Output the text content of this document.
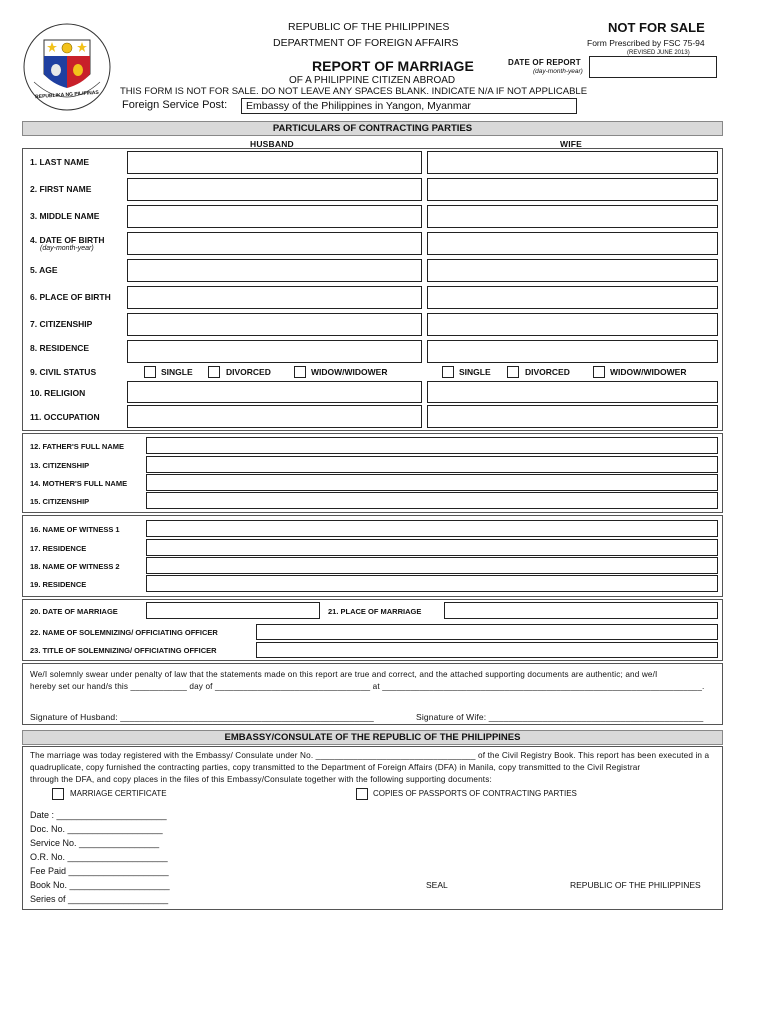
REPUBLIKA NG PILIPINAS
REPUBLIC OF THE PHILIPPINES
DEPARTMENT OF FOREIGN AFFAIRS
NOT FOR SALE
Form Prescribed by FSC 75-94
(REVISED JUNE 2013)
REPORT OF MARRIAGE
OF A PHILIPPINE CITIZEN ABROAD
DATE OF REPORT
(day-month-year)
THIS FORM IS NOT FOR SALE. DO NOT LEAVE ANY SPACES BLANK. INDICATE N/A IF NOT APPLICABLE
Foreign Service Post:	Embassy of the Philippines in Yangon, Myanmar
PARTICULARS OF CONTRACTING PARTIES
HUSBAND	WIFE
1. LAST NAME
2. FIRST NAME
3. MIDDLE NAME
4. DATE OF BIRTH
(day-month-year)
5. AGE
6. PLACE OF BIRTH
7. CITIZENSHIP
8. RESIDENCE
9. CIVIL STATUS	SINGLE	DIVORCED	WIDOW/WIDOWER	SINGLE	DIVORCED	WIDOW/WIDOWER
10. RELIGION
11. OCCUPATION
12. FATHER'S FULL NAME
13. CITIZENSHIP
14. MOTHER'S FULL NAME
15. CITIZENSHIP
16. NAME OF WITNESS 1
17. RESIDENCE
18. NAME OF WITNESS 2
19. RESIDENCE
20. DATE OF MARRIAGE	21. PLACE OF MARRIAGE
22. NAME OF SOLEMNIZING/ OFFICIATING OFFICER
23. TITLE OF SOLEMNIZING/ OFFICIATING OFFICER
We/I solemnly swear under penalty of law that the statements made on this report are true and correct, and the attached supporting documents are authentic; and we/I
hereby set our hand/s this ____________ day of _________________________________ at ____________________________________________________________________.
Signature of Husband: ____________________________________________________	Signature of Wife: ____________________________________________
EMBASSY/CONSULATE OF THE REPUBLIC OF THE PHILIPPINES
The marriage was today registered with the Embassy/ Consulate under No. __________________________________ of the Civil Registry Book. This report has been executed in a
quadruplicate, copy furnished the contracting parties, copy transmitted to the Department of Foreign Affairs (DFA) in Manila, copy transmitted to the Civil Registrar
through the DFA, and copy places in the files of this Embassy/Consulate together with the following supporting documents:
MARRIAGE CERTIFICATE	COPIES OF PASSPORTS OF CONTRACTING PARTIES
Date : ______________________
Doc. No. ___________________
Service No. ________________
O.R. No. ____________________
Fee Paid ____________________
Book No. ____________________
Series of ____________________
SEAL	REPUBLIC OF THE PHILIPPINES
